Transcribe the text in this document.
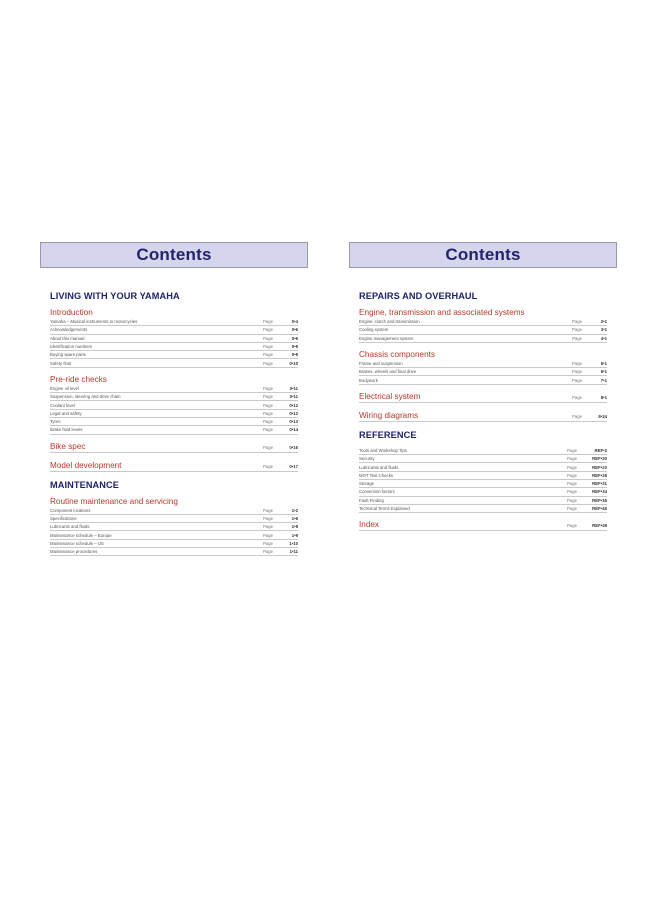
Contents
LIVING WITH YOUR YAMAHA
Introduction
Yamaha – Musical instruments to motorcycles	Page	0•4
Acknowledgements	Page	0•6
About this manual	Page	0•6
Identification numbers	Page	0•8
Buying spare parts	Page	0•8
Safety first!	Page	0•10
Pre-ride checks
Engine oil level	Page	0•11
Suspension, steering and drive chain	Page	0•11
Coolant level	Page	0•12
Legal and safety	Page	0•12
Tyres	Page	0•13
Brake fluid levels	Page	0•14
Bike spec	Page	0•16
Model development	Page	0•17
MAINTENANCE
Routine maintenance and servicing
Component locations	Page	1•2
Specifications	Page	1•6
Lubricants and fluids	Page	1•8
Maintenance schedule – Europe	Page	1•9
Maintenance schedule – US	Page	1•10
Maintenance procedures	Page	1•11
Contents
REPAIRS AND OVERHAUL
Engine, transmission and associated systems
Engine, clutch and transmission	Page	2•1
Cooling system	Page	3•1
Engine management system	Page	4•1
Chassis components
Frame and suspension	Page	5•1
Brakes, wheels and final drive	Page	6•1
Bodywork	Page	7•1
Electrical system	Page	8•1
Wiring diagrams	Page	8•34
REFERENCE
Tools and Workshop Tips	Page	REF•2
Security	Page	REF•20
Lubricants and fluids	Page	REF•23
MOT Test Checks	Page	REF•26
Storage	Page	REF•31
Conversion factors	Page	REF•34
Fault Finding	Page	REF•35
Technical Terms Explained	Page	REF•45
Index	Page	REF•49
